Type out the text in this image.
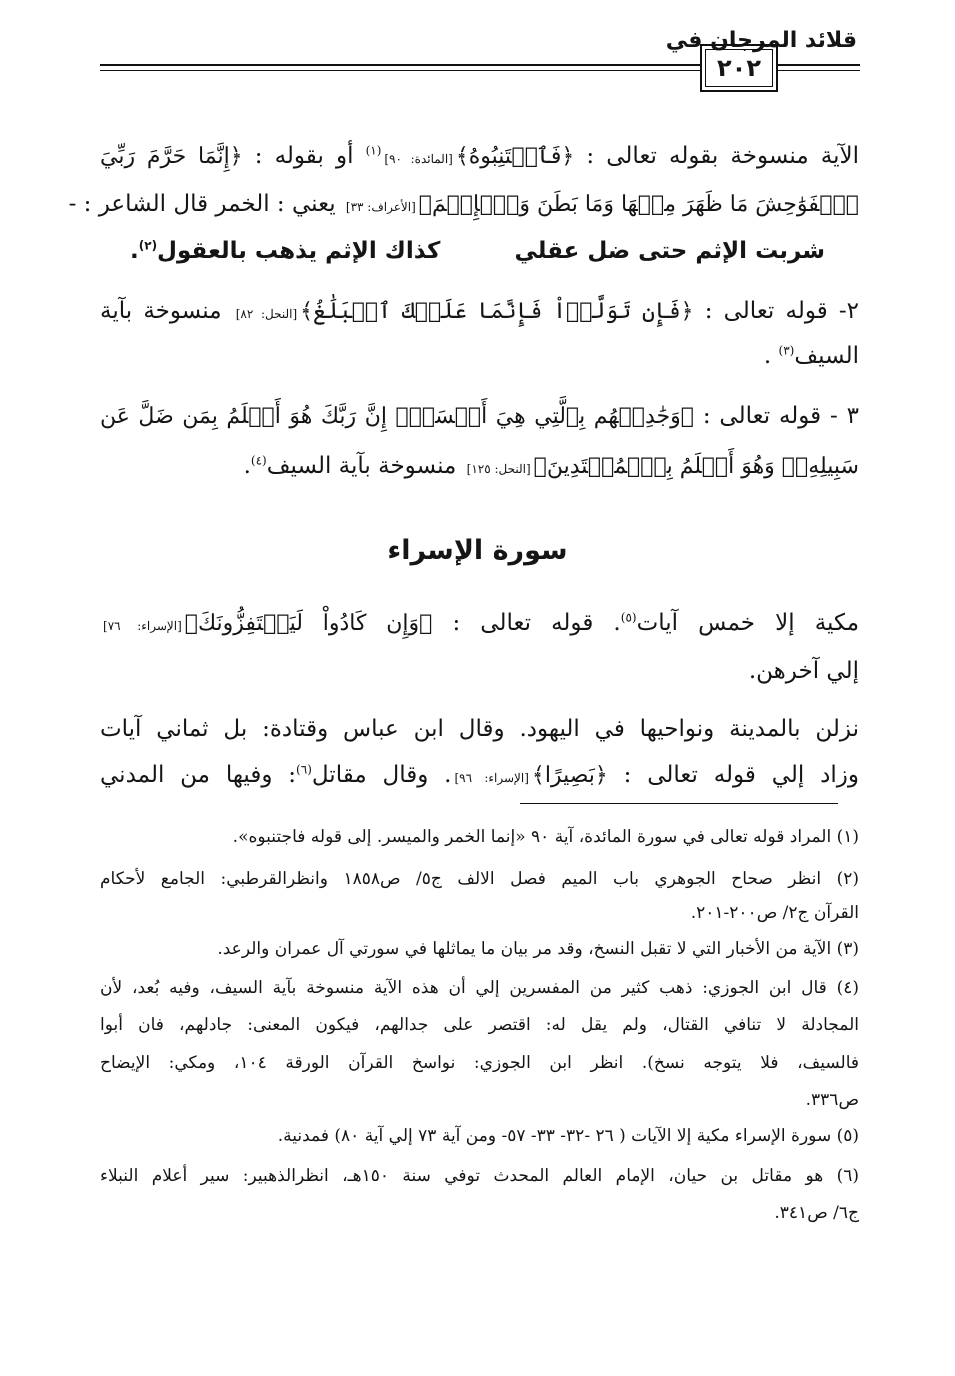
قلائد المرجان في
٢٠٢
الآية منسوخة بقوله تعالى : ﴿فَٱجۡتَنِبُوهُ﴾[المائدة: ٩٠]$^{(١)}$ أو بقوله : ﴿إِنَّمَا حَرَّمَ رَبِّيَ
ٱلۡفَوَٰحِشَ مَا ظَهَرَ مِنۡهَا وَمَا بَطَنَ وَٱلۡإِثۡمَ﴾[الأعراف: ٣٣] يعني : الخمر قال الشاعر : -
شربت الإثم حتى ضل عقلي
كذاك الإثم يذهب بالعقول$^{(٢)}$.
٢- قوله تعالى : ﴿فَإِن تَوَلَّوۡاْ فَإِنَّمَا عَلَيۡكَ ٱلۡبَلَٰغُ﴾[النحل: ٨٢] منسوخة بآية
السيف$^{(٣)}$ .
٣ - قوله تعالى : ﴿وَجَٰدِلۡهُم بِٱلَّتِي هِيَ أَحۡسَنُۚ إِنَّ رَبَّكَ هُوَ أَعۡلَمُ بِمَن ضَلَّ عَن
سَبِيلِهِۦۖ وَهُوَ أَعۡلَمُ بِٱلۡمُهۡتَدِينَ﴾[النحل: ١٢٥] منسوخة بآية السيف$^{(٤)}$.
سورة الإسراء
مكية إلا خمس آيات$^{(٥)}$. قوله تعالى : ﴿وَإِن كَادُواْ لَيَسۡتَفِزُّونَكَ﴾[الإسراء: ٧٦]
إلي آخرهن.
نزلن بالمدينة ونواحيها في اليهود. وقال ابن عباس وقتادة: بل ثماني آيات
وزاد إلي قوله تعالى : ﴿بَصِيرًا﴾[الإسراء: ٩٦]. وقال مقاتل$^{(٦)}$: وفيها من المدني
(١) المراد قوله تعالى في سورة المائدة، آية ٩٠ «إنما الخمر والميسر. إلى قوله فاجتنبوه».
(٢) انظر صحاح الجوهري باب الميم فصل الالف ج٥/ ص١٨٥٨ وانظرالقرطبي: الجامع لأحكام
القرآن ج٢/ ص٢٠٠-٢٠١.
(٣) الآية من الأخبار التي لا تقبل النسخ، وقد مر بيان ما يماثلها في سورتي آل عمران والرعد.
(٤) قال ابن الجوزي: ذهب كثير من المفسرين إلي أن هذه الآية منسوخة بآية السيف، وفيه بُعد، لأن
المجادلة لا تنافي القتال، ولم يقل له: اقتصر على جدالهم، فيكون المعنى: جادلهم، فان أبوا
فالسيف، فلا يتوجه نسخ). انظر ابن الجوزي: نواسخ القرآن الورقة ١٠٤، ومكي: الإيضاح
ص٣٣٦.
(٥) سورة الإسراء مكية إلا الآيات ( ٢٦ -٣٢- ٣٣- ٥٧- ومن آية ٧٣ إلي آية ٨٠) فمدنية.
(٦) هو مقاتل بن حيان، الإمام العالم المحدث توفي سنة ١٥٠هـ، انظرالذهبير: سير أعلام النبلاء
ج٦/ ص٣٤١.
